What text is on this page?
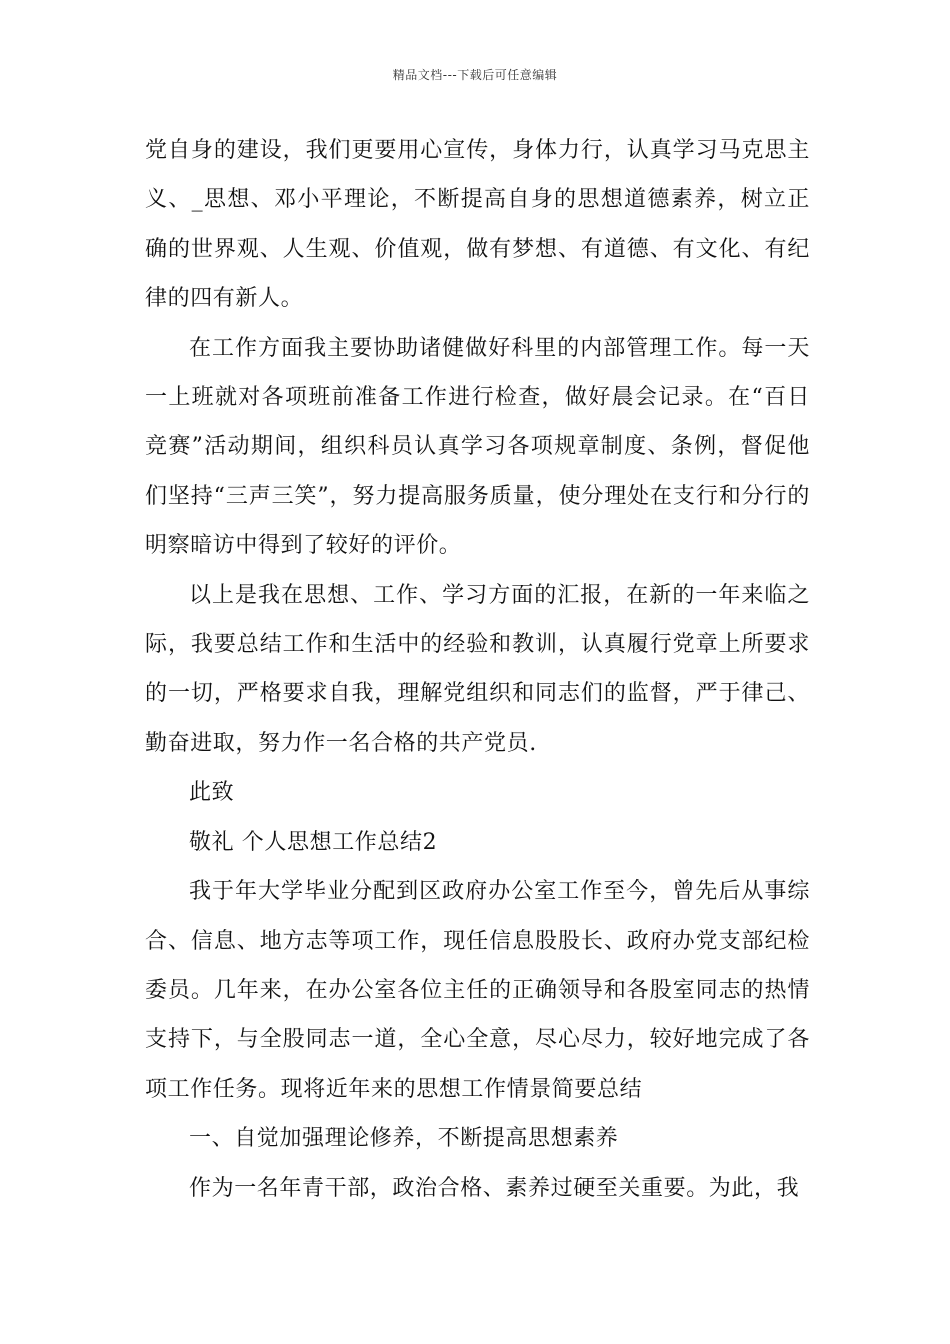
精品文档---下载后可任意编辑

党自身的建设，我们更要用心宣传，身体力行，认真学习马克思主义、_思想、邓小平理论，不断提高自身的思想道德素养，树立正确的世界观、人生观、价值观，做有梦想、有道德、有文化、有纪律的四有新人。

在工作方面我主要协助诸健做好科里的内部管理工作。每一天一上班就对各项班前准备工作进行检查，做好晨会记录。在“百日竞赛”活动期间，组织科员认真学习各项规章制度、条例，督促他们坚持“三声三笑”，努力提高服务质量，使分理处在支行和分行的明察暗访中得到了较好的评价。

以上是我在思想、工作、学习方面的汇报，在新的一年来临之际，我要总结工作和生活中的经验和教训，认真履行党章上所要求的一切，严格要求自我，理解党组织和同志们的监督，严于律己、勤奋进取，努力作一名合格的共产党员.

此致

敬礼 个人思想工作总结2

我于年大学毕业分配到区政府办公室工作至今，曾先后从事综合、信息、地方志等项工作，现任信息股股长、政府办党支部纪检委员。几年来，在办公室各位主任的正确领导和各股室同志的热情支持下，与全股同志一道，全心全意，尽心尽力，较好地完成了各项工作任务。现将近年来的思想工作情景简要总结

一、自觉加强理论修养，不断提高思想素养

作为一名年青干部，政治合格、素养过硬至关重要。为此，我
